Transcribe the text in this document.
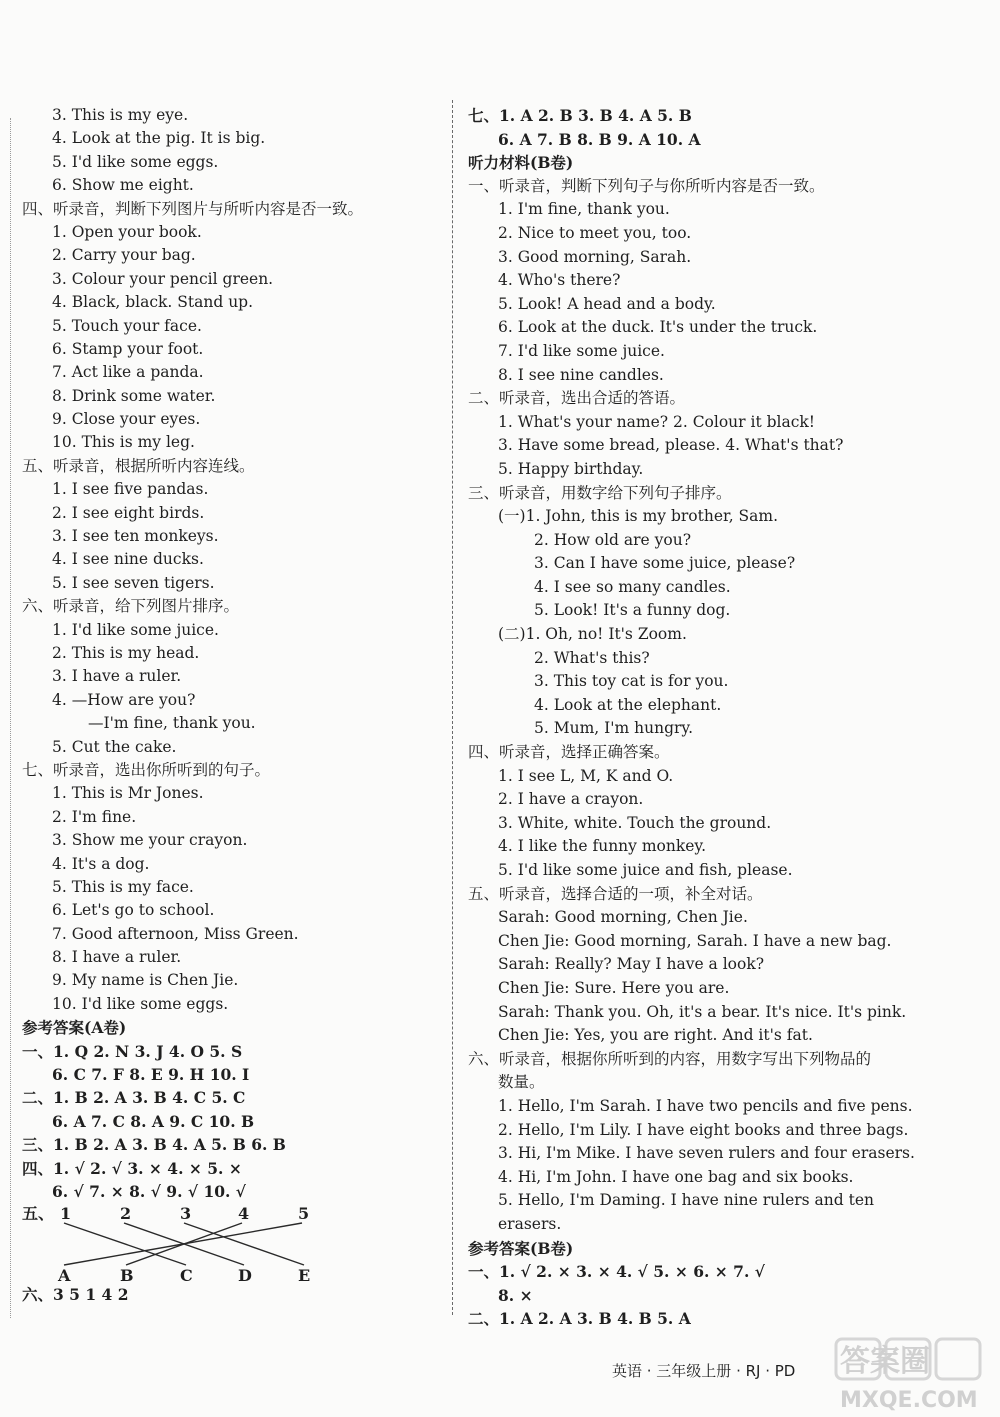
3. This is my eye.
4. Look at the pig. It is big.
5. I'd like some eggs.
6. Show me eight.
四、听录音，判断下列图片与所听内容是否一致。
1. Open your book.
2. Carry your bag.
3. Colour your pencil green.
4. Black, black. Stand up.
5. Touch your face.
6. Stamp your foot.
7. Act like a panda.
8. Drink some water.
9. Close your eyes.
10. This is my leg.
五、听录音，根据所听内容连线。
1. I see five pandas.
2. I see eight birds.
3. I see ten monkeys.
4. I see nine ducks.
5. I see seven tigers.
六、听录音，给下列图片排序。
1. I'd like some juice.
2. This is my head.
3. I have a ruler.
4. —How are you?
—I'm fine, thank you.
5. Cut the cake.
七、听录音，选出你所听到的句子。
1. This is Mr Jones.
2. I'm fine.
3. Show me your crayon.
4. It's a dog.
5. This is my face.
6. Let's go to school.
7. Good afternoon, Miss Green.
8. I have a ruler.
9. My name is Chen Jie.
10. I'd like some eggs.
参考答案(A卷)
一、1. Q 2. N 3. J 4. O 5. S
6. C 7. F 8. E 9. H 10. I
二、1. B 2. A 3. B 4. C 5. C
6. A 7. C 8. A 9. C 10. B
三、1. B 2. A 3. B 4. A 5. B 6. B
四、1. √ 2. √ 3. × 4. × 5. ×
6. √ 7. × 8. √ 9. √ 10. √
五、 1	2	3	4	5
A	B	C	D	E
六、3 5 1 4 2
七、1. A 2. B 3. B 4. A 5. B
6. A 7. B 8. B 9. A 10. A
听力材料(B卷)
一、听录音，判断下列句子与你所听内容是否一致。
1. I'm fine, thank you.
2. Nice to meet you, too.
3. Good morning, Sarah.
4. Who's there?
5. Look! A head and a body.
6. Look at the duck. It's under the truck.
7. I'd like some juice.
8. I see nine candles.
二、听录音，选出合适的答语。
1. What's your name? 2. Colour it black!
3. Have some bread, please. 4. What's that?
5. Happy birthday.
三、听录音，用数字给下列句子排序。
(一)1. John, this is my brother, Sam.
2. How old are you?
3. Can I have some juice, please?
4. I see so many candles.
5. Look! It's a funny dog.
(二)1. Oh, no! It's Zoom.
2. What's this?
3. This toy cat is for you.
4. Look at the elephant.
5. Mum, I'm hungry.
四、听录音，选择正确答案。
1. I see L, M, K and O.
2. I have a crayon.
3. White, white. Touch the ground.
4. I like the funny monkey.
5. I'd like some juice and fish, please.
五、听录音，选择合适的一项，补全对话。
Sarah: Good morning, Chen Jie.
Chen Jie: Good morning, Sarah. I have a new bag.
Sarah: Really? May I have a look?
Chen Jie: Sure. Here you are.
Sarah: Thank you. Oh, it's a bear. It's nice. It's pink.
Chen Jie: Yes, you are right. And it's fat.
六、听录音，根据你所听到的内容，用数字写出下列物品的
数量。
1. Hello, I'm Sarah. I have two pencils and five pens.
2. Hello, I'm Lily. I have eight books and three bags.
3. Hi, I'm Mike. I have seven rulers and four erasers.
4. Hi, I'm John. I have one bag and six books.
5. Hello, I'm Daming. I have nine rulers and ten
erasers.
参考答案(B卷)
一、1. √ 2. × 3. × 4. √ 5. × 6. × 7. √
8. ×
二、1. A 2. A 3. B 4. B 5. A
英语 · 三年级上册 · RJ · PD 答案圈
MXQE.COM
